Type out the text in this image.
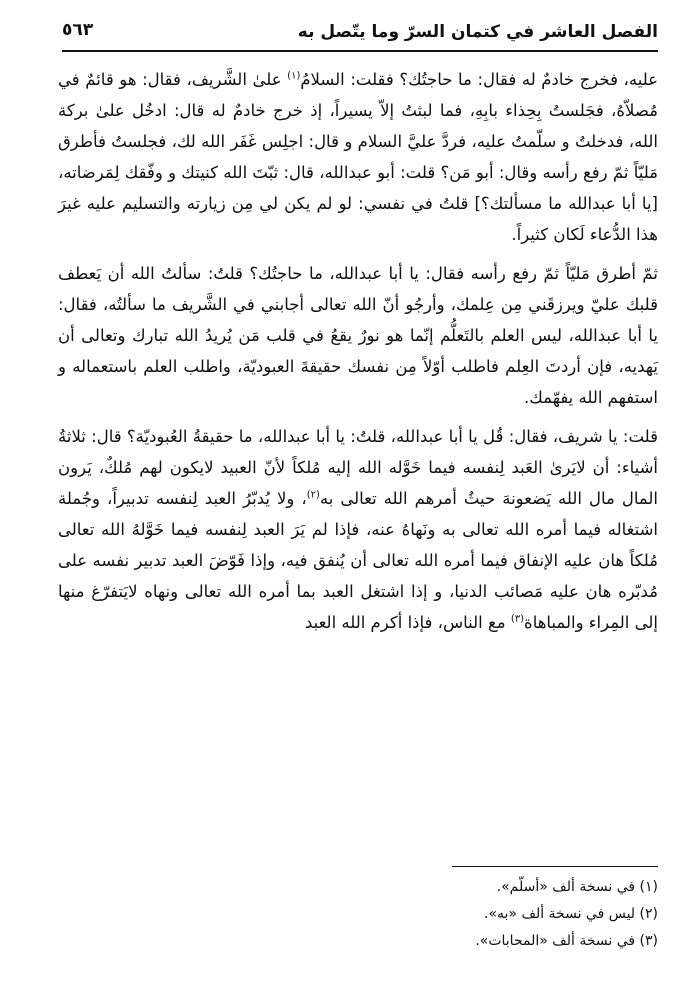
الفصل العاشر في كتمان السرّ وما يتّصل به
٥٦٣

عليه، فخرج خادمٌ له فقال: ما حاجتُك؟ فقلت: السلامُ$^{(١)}$ علىٰ الشَّريف، فقال: هو قائمٌ في مُصلاّهُ، فجَلستُ بِحِذاء بابِهِ، فما لبثتُ إلاّ يسيراً، إذ خرج خادمٌ له قال: ادخُل علىٰ بركة الله، فدخلتُ و سلّمتُ عليه، فردَّ عليَّ السلام و قال: اجلِس غَفَر الله لك، فجلستُ فأطرق مَليّاً ثمّ رفع رأسه وقال: أبو مَن؟ قلت: أبو عبدالله، قال: ثبّتَ الله كنيتك و وفّقك لِمَرضاته، [يا أبا عبدالله ما مسألتك؟] قلتُ في نفسي: لو لم يكن لي مِن زيارته والتسليم عليه غيرَ هذا الدُّعاء لَكان كثيراً.

ثمّ أطرق مَليّاً ثمّ رفع رأسه فقال: يا أبا عبدالله، ما حاجتُك؟ قلتُ: سألتُ الله أن يَعطف قلبك عليّ ويرزقَني مِن عِلمك، وأرجُو أنّ الله تعالى أجابني في الشَّريف ما سألتُه، فقال: يا أبا عبدالله، ليس العلم بالتَعلُّم إنّما هو نورٌ يقعُ في قلب مَن يُريدُ الله تبارك وتعالى أن يَهديه، فإن أردتَ العِلم فاطلب أوّلاً مِن نفسك حقيقةَ العبوديّة، واطلب العلم باستعماله و استفهم الله يفهّمك.

قلت: يا شريف، فقال: قُل يا أبا عبدالله، قلتُ: يا أبا عبدالله، ما حقيقةُ العُبوديّة؟ قال: ثلاثةُ أشياء: أن لايَرىٰ العَبد لِنفسه فيما خَوَّله الله إليه مُلكاً لأنّ العبيد لايكون لهم مُلكٌ، يَرون المال مال الله يَضعونهَ حيثُ أمرهم الله تعالى به$^{(٢)}$، ولا يُدبّرُ العبد لِنفسه تدبيراً، وجُملة اشتغاله فيما أمره الله تعالى به ونَهاهُ عنه، فإذا لم يَرَ العبد لِنفسه فيما خَوَّلهُ الله تعالى مُلكاً هان عليه الإنفاق فيما أمره الله تعالى أن يُنفق فيه، وإذا فَوّضَ العبد تدبير نفسه على مُدبّره هان عليه مَصائب الدنيا، و إذا اشتغل العبد بما أمره الله تعالى ونهاه لايَتفرّغ منها إلى المِراء والمباهاة$^{(٣)}$ مع الناس، فإذا أكرم الله العبد

(١) في نسخة ألف «أسلّم».
(٢) ليس في نسخة ألف «به».
(٣) في نسخة ألف «المحابات».
